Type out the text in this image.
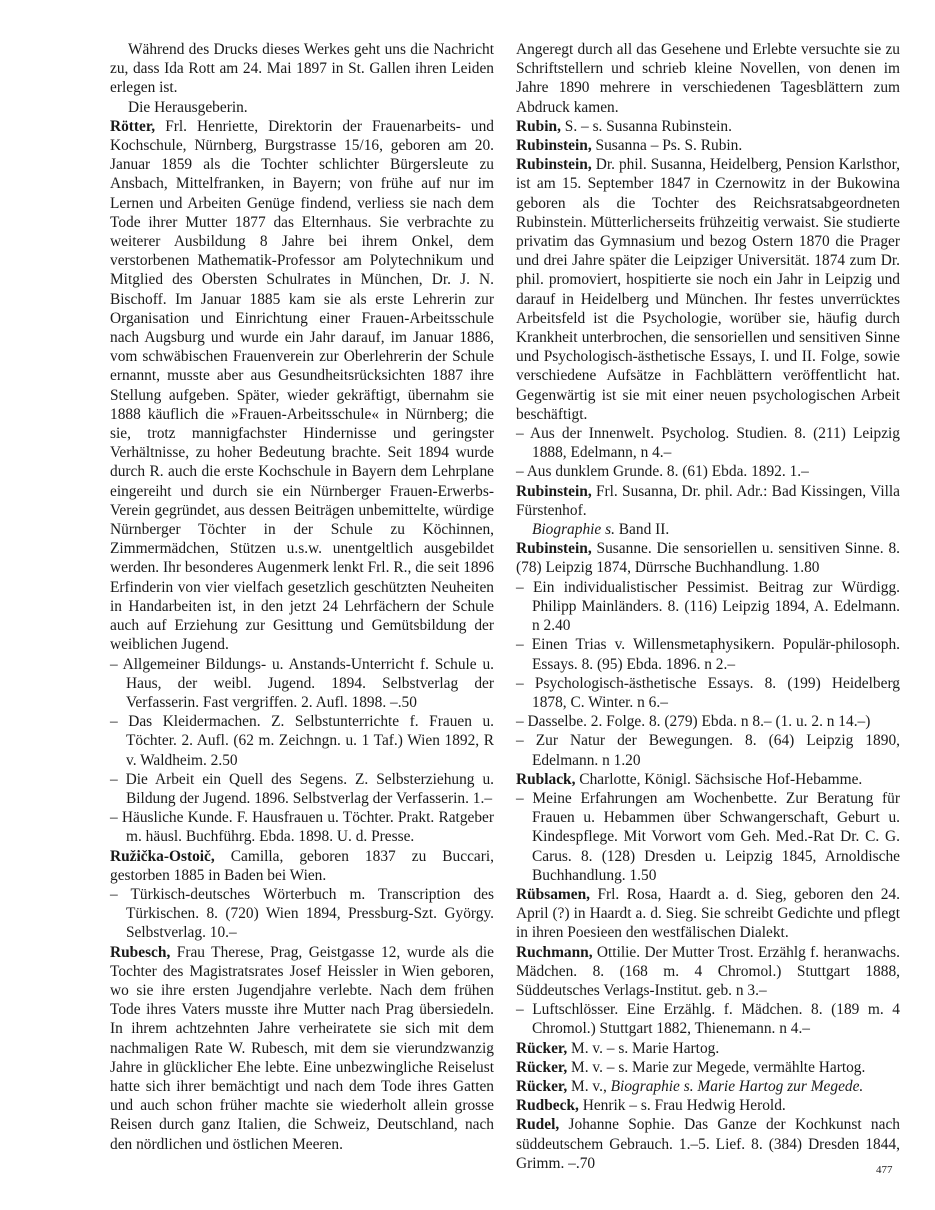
Während des Drucks dieses Werkes geht uns die Nachricht zu, dass Ida Rott am 24. Mai 1897 in St. Gallen ihren Leiden erlegen ist.

Die Herausgeberin.

Rötter, Frl. Henriette, Direktorin der Frauenarbeits- und Kochschule, Nürnberg, Burgstrasse 15/16, geboren am 20. Januar 1859 als die Tochter schlichter Bürgersleute zu Ansbach, Mittelfranken, in Bayern; von frühe auf nur im Lernen und Arbeiten Genüge findend, verliess sie nach dem Tode ihrer Mutter 1877 das Elternhaus. Sie verbrachte zu weiterer Ausbildung 8 Jahre bei ihrem Onkel, dem verstorbenen Mathematik-Professor am Polytechnikum und Mitglied des Obersten Schulrates in München, Dr. J. N. Bischoff. Im Januar 1885 kam sie als erste Lehrerin zur Organisation und Einrichtung einer Frauen-Arbeitsschule nach Augsburg und wurde ein Jahr darauf, im Januar 1886, vom schwäbischen Frauenverein zur Oberlehrerin der Schule ernannt, musste aber aus Gesundheitsrücksichten 1887 ihre Stellung aufgeben. Später, wieder gekräftigt, übernahm sie 1888 käuflich die »Frauen-Arbeitsschule« in Nürnberg; die sie, trotz mannigfachster Hindernisse und geringster Verhältnisse, zu hoher Bedeutung brachte. Seit 1894 wurde durch R. auch die erste Kochschule in Bayern dem Lehrplane eingereiht und durch sie ein Nürnberger Frauen-Erwerbs-Verein gegründet, aus dessen Beiträgen unbemittelte, würdige Nürnberger Töchter in der Schule zu Köchinnen, Zimmermädchen, Stützen u.s.w. unentgeltlich ausgebildet werden. Ihr besonderes Augenmerk lenkt Frl. R., die seit 1896 Erfinderin von vier vielfach gesetzlich geschützten Neuheiten in Handarbeiten ist, in den jetzt 24 Lehrfächern der Schule auch auf Erziehung zur Gesittung und Gemütsbildung der weiblichen Jugend.

– Allgemeiner Bildungs- u. Anstands-Unterricht f. Schule u. Haus, der weibl. Jugend. 1894. Selbstverlag der Verfasserin. Fast vergriffen. 2. Aufl. 1898. –.50

– Das Kleidermachen. Z. Selbstunterrichte f. Frauen u. Töchter. 2. Aufl. (62 m. Zeichngn. u. 1 Taf.) Wien 1892, R v. Waldheim. 2.50

– Die Arbeit ein Quell des Segens. Z. Selbsterziehung u. Bildung der Jugend. 1896. Selbstverlag der Verfasserin. 1.–

– Häusliche Kunde. F. Hausfrauen u. Töchter. Prakt. Ratgeber m. häusl. Buchführg. Ebda. 1898. U. d. Presse.

Ružička-Ostoič, Camilla, geboren 1837 zu Buccari, gestorben 1885 in Baden bei Wien.

– Türkisch-deutsches Wörterbuch m. Transcription des Türkischen. 8. (720) Wien 1894, Pressburg-Szt. György. Selbstverlag. 10.–

Rubesch, Frau Therese, Prag, Geistgasse 12, wurde als die Tochter des Magistratsrates Josef Heissler in Wien geboren, wo sie ihre ersten Jugendjahre verlebte. Nach dem frühen Tode ihres Vaters musste ihre Mutter nach Prag übersiedeln. In ihrem achtzehnten Jahre verheiratete sie sich mit dem nachmaligen Rate W. Rubesch, mit dem sie vierundzwanzig Jahre in glücklicher Ehe lebte. Eine unbezwingliche Reiselust hatte sich ihrer bemächtigt und nach dem Tode ihres Gatten und auch schon früher machte sie wiederholt allein grosse Reisen durch ganz Italien, die Schweiz, Deutschland, nach den nördlichen und östlichen Meeren.

Angeregt durch all das Gesehene und Erlebte versuchte sie zu Schriftstellern und schrieb kleine Novellen, von denen im Jahre 1890 mehrere in verschiedenen Tagesblättern zum Abdruck kamen.

Rubin, S. – s. Susanna Rubinstein.

Rubinstein, Susanna – Ps. S. Rubin.

Rubinstein, Dr. phil. Susanna, Heidelberg, Pension Karlsthor, ist am 15. September 1847 in Czernowitz in der Bukowina geboren als die Tochter des Reichsratsabgeordneten Rubinstein. Mütterlicherseits frühzeitig verwaist. Sie studierte privatim das Gymnasium und bezog Ostern 1870 die Prager und drei Jahre später die Leipziger Universität. 1874 zum Dr. phil. promoviert, hospitierte sie noch ein Jahr in Leipzig und darauf in Heidelberg und München. Ihr festes unverrücktes Arbeitsfeld ist die Psychologie, worüber sie, häufig durch Krankheit unterbrochen, die sensoriellen und sensitiven Sinne und Psychologisch-ästhetische Essays, I. und II. Folge, sowie verschiedene Aufsätze in Fachblättern veröffentlicht hat. Gegenwärtig ist sie mit einer neuen psychologischen Arbeit beschäftigt.

– Aus der Innenwelt. Psycholog. Studien. 8. (211) Leipzig 1888, Edelmann, n 4.–

– Aus dunklem Grunde. 8. (61) Ebda. 1892. 1.–

Rubinstein, Frl. Susanna, Dr. phil. Adr.: Bad Kissingen, Villa Fürstenhof.

Biographie s. Band II.

Rubinstein, Susanne. Die sensoriellen u. sensitiven Sinne. 8. (78) Leipzig 1874, Dürrsche Buchhandlung. 1.80

– Ein individualistischer Pessimist. Beitrag zur Würdigg. Philipp Mainländers. 8. (116) Leipzig 1894, A. Edelmann. n 2.40

– Einen Trias v. Willensmetaphysikern. Populär-philosoph. Essays. 8. (95) Ebda. 1896. n 2.–

– Psychologisch-ästhetische Essays. 8. (199) Heidelberg 1878, C. Winter. n 6.–

– Dasselbe. 2. Folge. 8. (279) Ebda. n 8.– (1. u. 2. n 14.–)

– Zur Natur der Bewegungen. 8. (64) Leipzig 1890, Edelmann. n 1.20

Rublack, Charlotte, Königl. Sächsische Hof-Hebamme.

– Meine Erfahrungen am Wochenbette. Zur Beratung für Frauen u. Hebammen über Schwangerschaft, Geburt u. Kindespflege. Mit Vorwort vom Geh. Med.-Rat Dr. C. G. Carus. 8. (128) Dresden u. Leipzig 1845, Arnoldische Buchhandlung. 1.50

Rübsamen, Frl. Rosa, Haardt a. d. Sieg, geboren den 24. April (?) in Haardt a. d. Sieg. Sie schreibt Gedichte und pflegt in ihren Poesieen den westfälischen Dialekt.

Ruchmann, Ottilie. Der Mutter Trost. Erzählg f. heranwachs. Mädchen. 8. (168 m. 4 Chromol.) Stuttgart 1888, Süddeutsches Verlags-Institut. geb. n 3.–

– Luftschlösser. Eine Erzählg. f. Mädchen. 8. (189 m. 4 Chromol.) Stuttgart 1882, Thienemann. n 4.–

Rücker, M. v. – s. Marie Hartog.

Rücker, M. v. – s. Marie zur Megede, vermählte Hartog.

Rücker, M. v., Biographie s. Marie Hartog zur Megede.

Rudbeck, Henrik – s. Frau Hedwig Herold.

Rudel, Johanne Sophie. Das Ganze der Kochkunst nach süddeutschem Gebrauch. 1.–5. Lief. 8. (384) Dresden 1844, Grimm. –.70	477
